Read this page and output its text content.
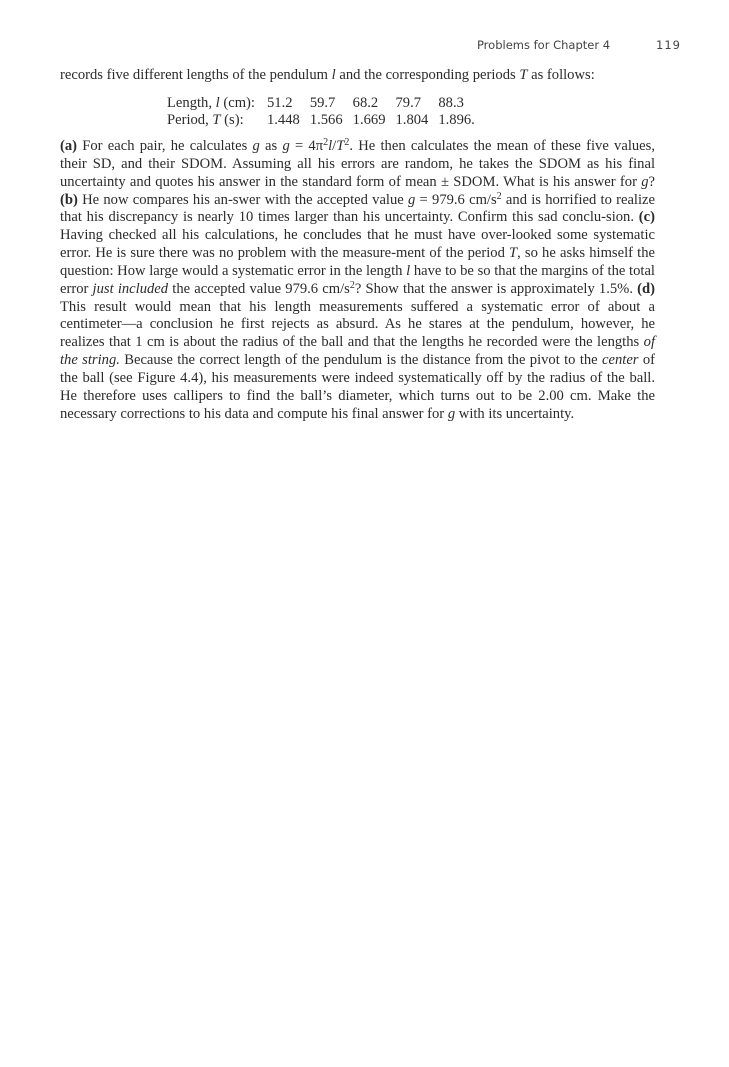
Problems for Chapter 4	119

records five different lengths of the pendulum l and the corresponding periods T as follows:

Length, l (cm):	51.2	59.7	68.2	79.7	88.3
Period, T (s):	1.448	1.566	1.669	1.804	1.896.

(a) For each pair, he calculates g as $g = 4\pi^2l/T^2$. He then calculates the mean of these five values, their SD, and their SDOM. Assuming all his errors are random, he takes the SDOM as his final uncertainty and quotes his answer in the standard form of mean ± SDOM. What is his answer for g? (b) He now compares his an-swer with the accepted value g = 979.6 $cm/s^2$ and is horrified to realize that his discrepancy is nearly 10 times larger than his uncertainty. Confirm this sad conclu-sion. (c) Having checked all his calculations, he concludes that he must have over-looked some systematic error. He is sure there was no problem with the measure-ment of the period T, so he asks himself the question: How large would a systematic error in the length l have to be so that the margins of the total error just included the accepted value 979.6 $cm/s^2$? Show that the answer is approximately 1.5%. (d) This result would mean that his length measurements suffered a systematic error of about a centimeter—a conclusion he first rejects as absurd. As he stares at the pendulum, however, he realizes that 1 cm is about the radius of the ball and that the lengths he recorded were the lengths of the string. Because the correct length of the pendulum is the distance from the pivot to the center of the ball (see Figure 4.4), his measurements were indeed systematically off by the radius of the ball. He therefore uses callipers to find the ball’s diameter, which turns out to be 2.00 cm. Make the necessary corrections to his data and compute his final answer for g with its uncertainty.
